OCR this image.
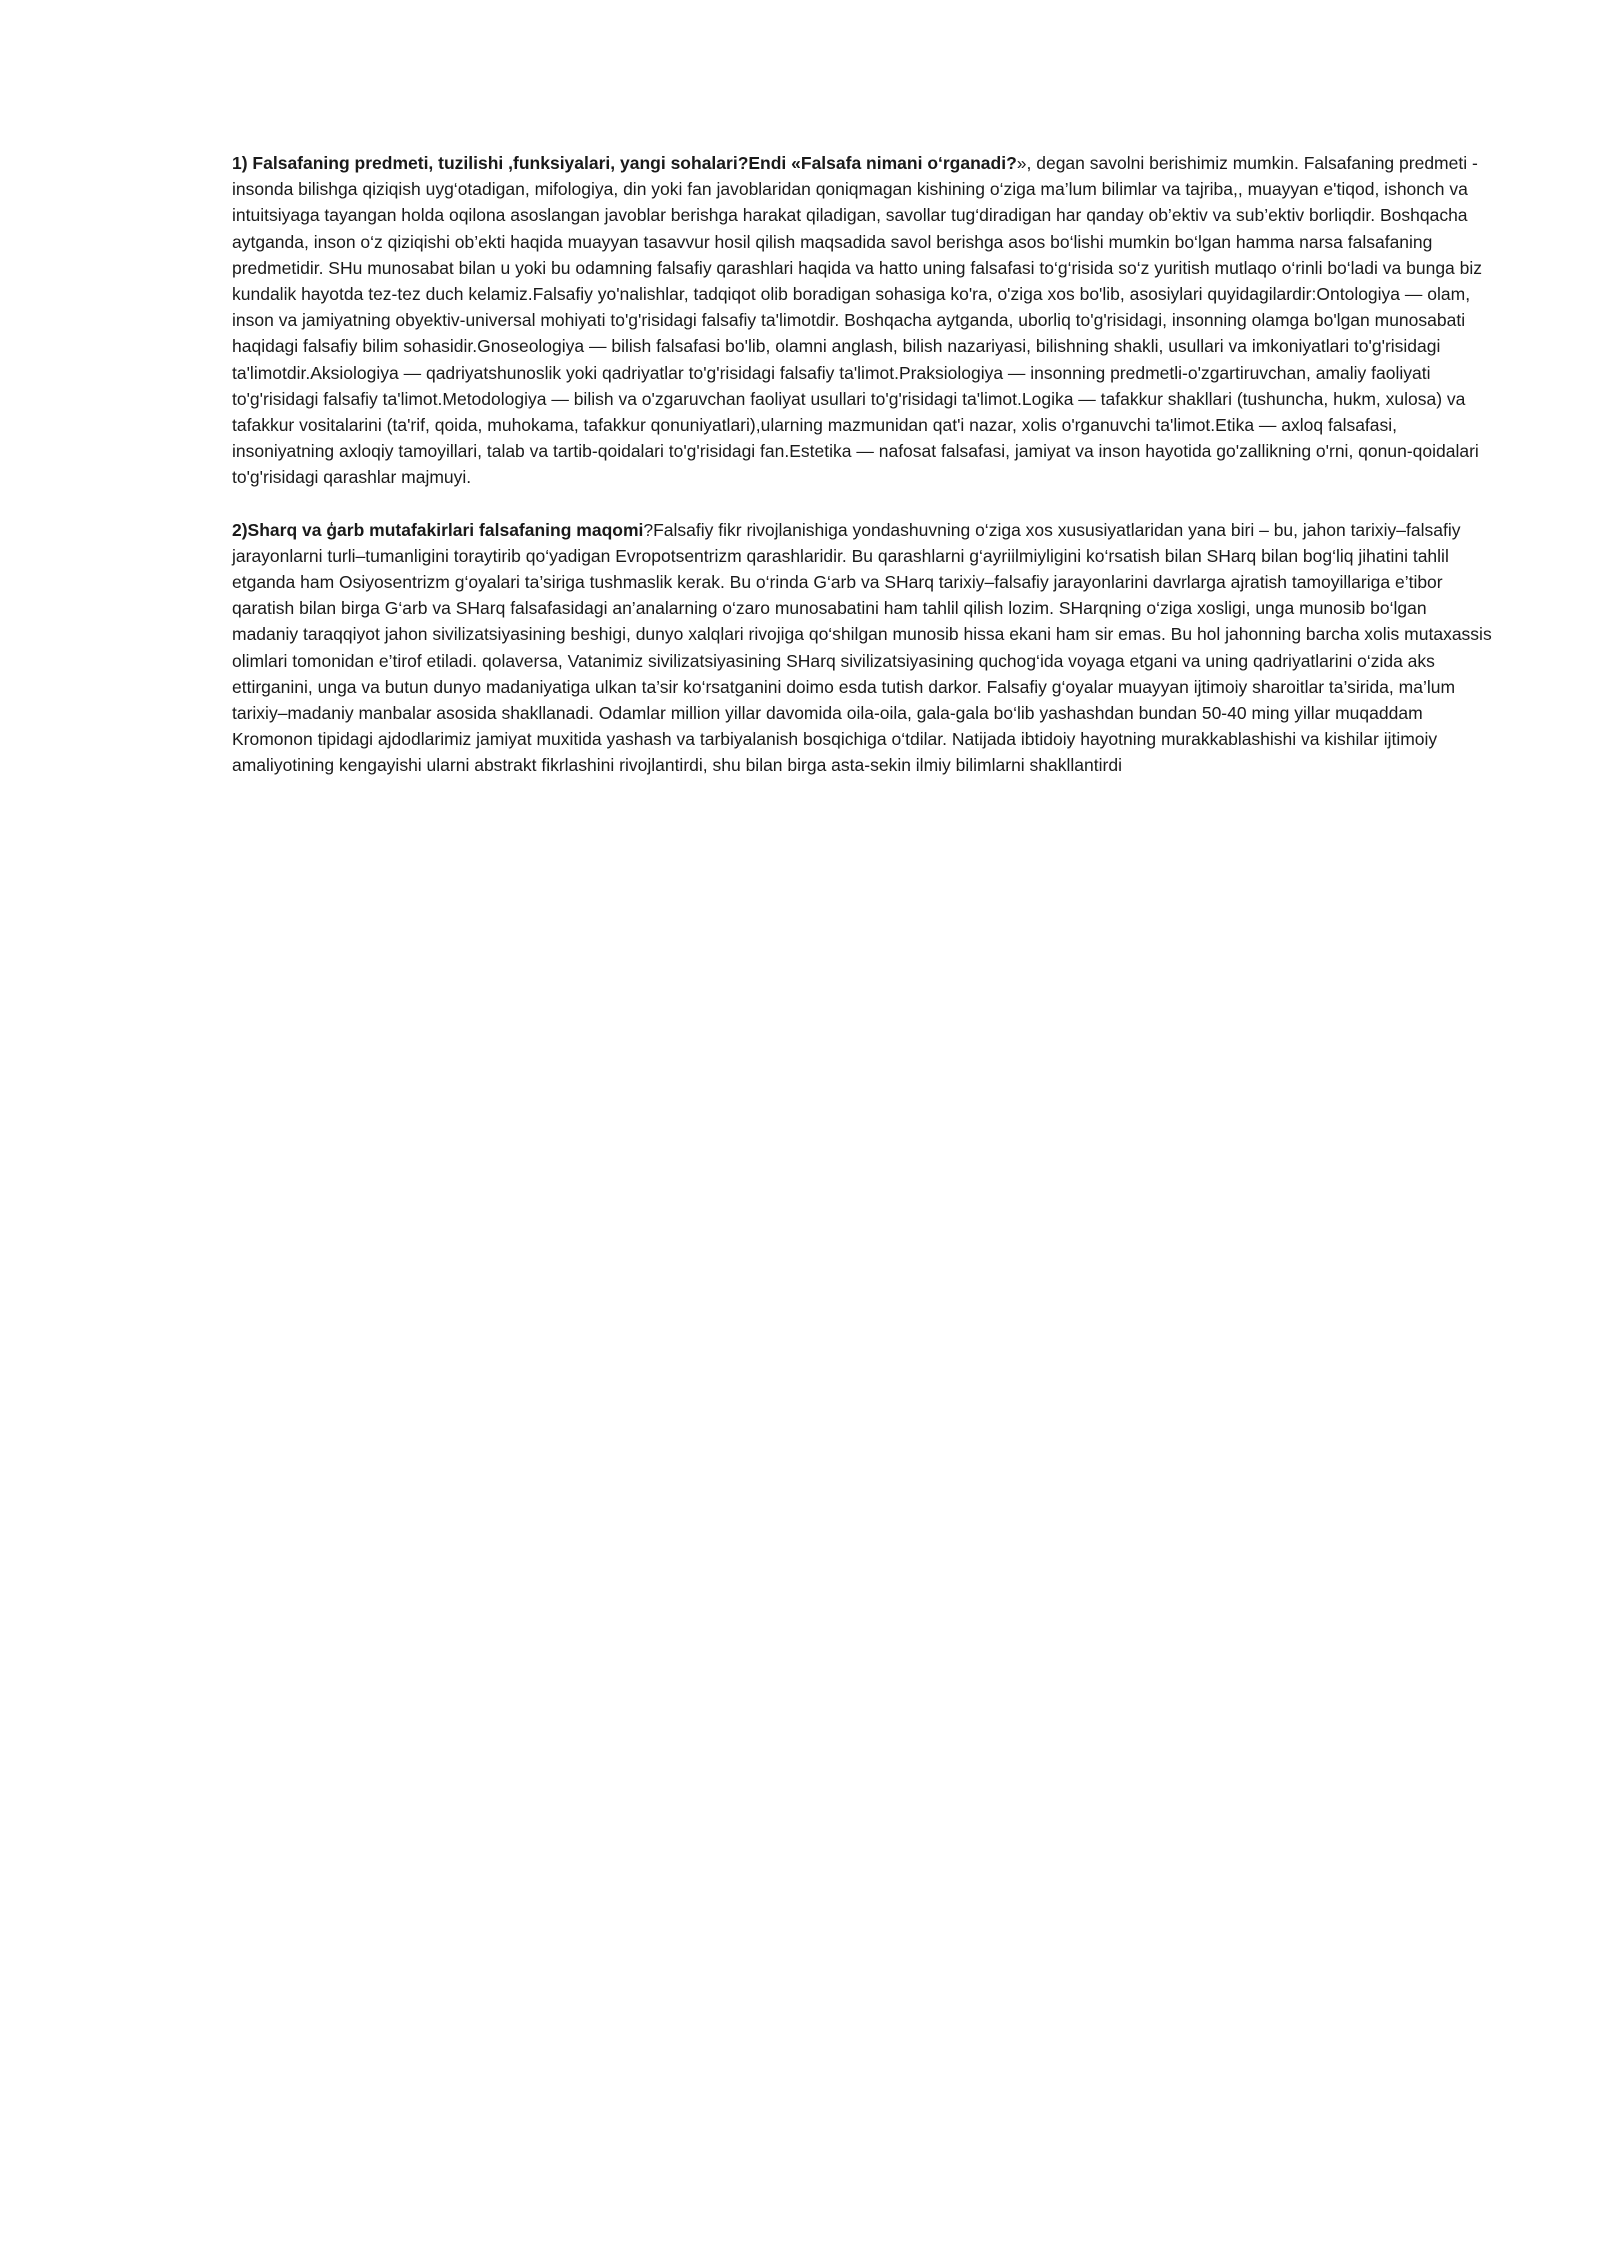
1) Falsafaning predmeti, tuzilishi ,funksiyalari, yangi sohalari?Endi «Falsafa nimani o‘rganadi?», degan savolni berishimiz mumkin. Falsafaning predmeti - insonda bilishga qiziqish uyg‘otadigan, mifologiya, din yoki fan javoblaridan qoniqmagan kishining o‘ziga ma’lum bilimlar va tajriba,, muayyan e'tiqod, ishonch va intuitsiyaga tayangan holda oqilona asoslangan javoblar berishga harakat qiladigan, savollar tug‘diradigan har qanday ob’ektiv va sub’ektiv borliqdir. Boshqacha aytganda, inson o‘z qiziqishi ob’ekti haqida muayyan tasavvur hosil qilish maqsadida savol berishga asos bo‘lishi mumkin bo‘lgan hamma narsa falsafaning predmetidir. SHu munosabat bilan u yoki bu odamning falsafiy qarashlari haqida va hatto uning falsafasi to‘g‘risida so‘z yuritish mutlaqo o‘rinli bo‘ladi va bunga biz kundalik hayotda tez-tez duch kelamiz.Falsafiy yo'nalishlar, tadqiqot olib boradigan sohasiga ko'ra, o'ziga xos bo'lib, asosiylari quyidagilardir:Ontologiya — olam, inson va jamiyatning obyektiv-universal mohiyati to'g'risidagi falsafiy ta'limotdir. Boshqacha aytganda, uborliq to'g'risidagi, insonning olamga bo'lgan munosabati haqidagi falsafiy bilim sohasidir.Gnoseologiya — bilish falsafasi bo'lib, olamni anglash, bilish nazariyasi, bilishning shakli, usullari va imkoniyatlari to'g'risidagi ta'limotdir.Aksiologiya — qadriyatshunoslik yoki qadriyatlar to'g'risidagi falsafiy ta'limot.Praksiologiya — insonning predmetli-o'zgartiruvchan, amaliy faoliyati to'g'risidagi falsafiy ta'limot.Metodologiya — bilish va o'zgaruvchan faoliyat usullari to'g'risidagi ta'limot.Logika — tafakkur shakllari (tushuncha, hukm, xulosa) va tafakkur vositalarini (ta'rif, qoida, muhokama, tafakkur qonuniyatlari),ularning mazmunidan qat'i nazar, xolis o'rganuvchi ta'limot.Etika — axloq falsafasi, insoniyatning axloqiy tamoyillari, talab va tartib-qoidalari to'g'risidagi fan.Estetika — nafosat falsafasi, jamiyat va inson hayotida go'zallikning o'rni, qonun-qoidalari to'g'risidagi qarashlar majmuyi.

2)Sharq va ģarb mutafakirlari falsafaning maqomi?Falsafiy fikr rivojlanishiga yondashuvning o‘ziga xos xususiyatlaridan yana biri – bu, jahon tarixiy–falsafiy jarayonlarni turli–tumanligini toraytirib qo‘yadigan Evropotsentrizm qarashlaridir. Bu qarashlarni g‘ayriilmiyligini ko‘rsatish bilan SHarq bilan bog‘liq jihatini tahlil etganda ham Osiyosentrizm g‘oyalari ta’siriga tushmaslik kerak. Bu o‘rinda G‘arb va SHarq tarixiy–falsafiy jarayonlarini davrlarga ajratish tamoyillariga e’tibor qaratish bilan birga G‘arb va SHarq falsafasidagi an’analarning o‘zaro munosabatini ham tahlil qilish lozim. SHarqning o‘ziga xosligi, unga munosib bo‘lgan madaniy taraqqiyot jahon sivilizatsiyasining beshigi, dunyo xalqlari rivojiga qo‘shilgan munosib hissa ekani ham sir emas. Bu hol jahonning barcha xolis mutaxassis olimlari tomonidan e’tirof etiladi. qolaversa, Vatanimiz sivilizatsiyasining SHarq sivilizatsiyasining quchog‘ida voyaga etgani va uning qadriyatlarini o‘zida aks ettirganini, unga va butun dunyo madaniyatiga ulkan ta’sir ko‘rsatganini doimo esda tutish darkor. Falsafiy g‘oyalar muayyan ijtimoiy sharoitlar ta’sirida, ma’lum tarixiy–madaniy manbalar asosida shakllanadi. Odamlar million yillar davomida oila-oila, gala-gala bo‘lib yashashdan bundan 50-40 ming yillar muqaddam Kromonon tipidagi ajdodlarimiz jamiyat muxitida yashash va tarbiyalanish bosqichiga o‘tdilar. Natijada ibtidoiy hayotning murakkablashishi va kishilar ijtimoiy amaliyotining kengayishi ularni abstrakt fikrlashini rivojlantirdi, shu bilan birga asta-sekin ilmiy bilimlarni shakllantirdi
